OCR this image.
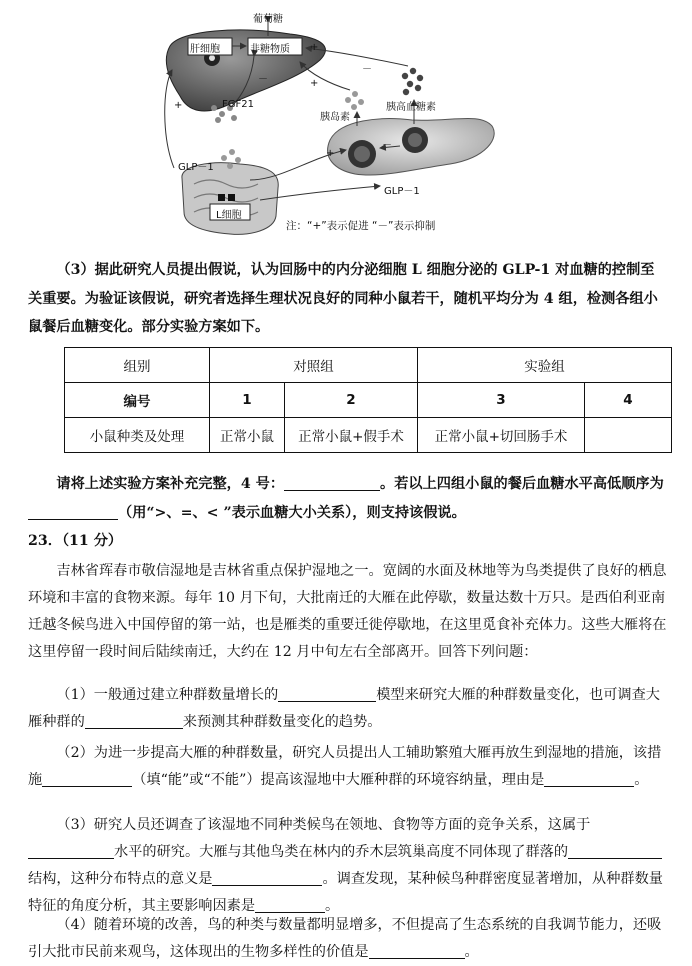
葡萄糖
肝细胞	非糖物质
FGF21
胰岛素
胰高血糖素
GLP－1
GLP－1
L细胞
+
－
－
+
+
+
－
注：“+”表示促进 “－”表示抑制
（3）据此研究人员提出假说，认为回肠中的内分泌细胞 L 细胞分泌的 GLP-1 对血糖的控制至关重要。为验证该假说，研究者选择生理状况良好的同种小鼠若干，随机平均分为 4 组，检测各组小鼠餐后血糖变化。部分实验方案如下。
组别	对照组		实验组	
编号	1	2	3	4
小鼠种类及处理	正常小鼠	正常小鼠+假手术	正常小鼠+切回肠手术	
请将上述实验方案补充完整，4 号：	。若以上四组小鼠的餐后血糖水平高低顺序为（用“>、=、< ”表示血糖大小关系），则支持该假说。
23．（11 分）
吉林省珲春市敬信湿地是吉林省重点保护湿地之一。宽阔的水面及林地等为鸟类提供了良好的栖息环境和丰富的食物来源。每年 10 月下旬，大批南迁的大雁在此停歇，数量达数十万只。是西伯利亚南迁越冬候鸟进入中国停留的第一站，也是雁类的重要迁徙停歇地，在这里觅食补充体力。这些大雁将在这里停留一段时间后陆续南迁，大约在 12 月中旬左右全部离开。回答下列问题：
（1）一般通过建立种群数量增长的	模型来研究大雁的种群数量变化，也可调查大雁种群的	来预测其种群数量变化的趋势。
（2）为进一步提高大雁的种群数量，研究人员提出人工辅助繁殖大雁再放生到湿地的措施，该措施	（填“能”或“不能”）提高该湿地中大雁种群的环境容纳量，理由是	。
（3）研究人员还调查了该湿地不同种类候鸟在领地、食物等方面的竞争关系，这属于水平的研究。大雁与其他鸟类在林内的乔木层筑巢高度不同体现了群落的结构，这种分布特点的意义是	。调查发现，某种候鸟种群密度显著增加，从种群数量特征的角度分析，其主要影响因素是	。
（4）随着环境的改善，鸟的种类与数量都明显增多，不但提高了生态系统的自我调节能力，还吸引大批市民前来观鸟，这体现出的生物多样性的价值是	。
